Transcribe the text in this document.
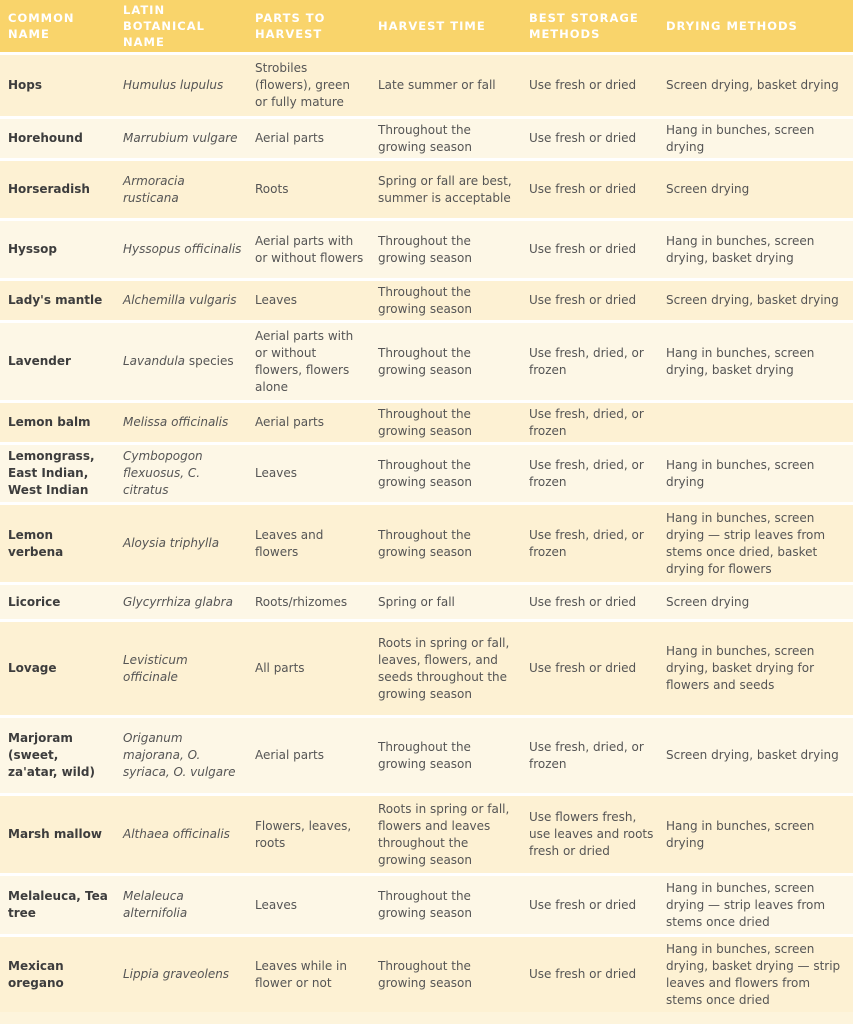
COMMON NAME	LATIN BOTANICAL NAME	PARTS TO HARVEST	HARVEST TIME	BEST STORAGE METHODS	DRYING METHODS
Hops	Humulus lupulus	Strobiles (flowers), green or fully mature	Late summer or fall	Use fresh or dried	Screen drying, basket drying
Horehound	Marrubium vulgare	Aerial parts	Throughout the growing season	Use fresh or dried	Hang in bunches, screen drying
Horseradish	Armoracia rusticana	Roots	Spring or fall are best, summer is acceptable	Use fresh or dried	Screen drying
Hyssop	Hyssopus officinalis	Aerial parts with or without flowers	Throughout the growing season	Use fresh or dried	Hang in bunches, screen drying, basket drying
Lady's mantle	Alchemilla vulgaris	Leaves	Throughout the growing season	Use fresh or dried	Screen drying, basket drying
Lavender	Lavandula species	Aerial parts with or without flowers, flowers alone	Throughout the growing season	Use fresh, dried, or frozen	Hang in bunches, screen drying, basket drying
Lemon balm	Melissa officinalis	Aerial parts	Throughout the growing season	Use fresh, dried, or frozen	
Lemongrass, East Indian, West Indian	Cymbopogon flexuosus, C. citratus	Leaves	Throughout the growing season	Use fresh, dried, or frozen	Hang in bunches, screen drying
Lemon verbena	Aloysia triphylla	Leaves and flowers	Throughout the growing season	Use fresh, dried, or frozen	Hang in bunches, screen drying — strip leaves from stems once dried, basket drying for flowers
Licorice	Glycyrrhiza glabra	Roots/rhizomes	Spring or fall	Use fresh or dried	Screen drying
Lovage	Levisticum officinale	All parts	Roots in spring or fall, leaves, flowers, and seeds throughout the growing season	Use fresh or dried	Hang in bunches, screen drying, basket drying for flowers and seeds
Marjoram (sweet, za'atar, wild)	Origanum majorana, O. syriaca, O. vulgare	Aerial parts	Throughout the growing season	Use fresh, dried, or frozen	Screen drying, basket drying
Marsh mallow	Althaea officinalis	Flowers, leaves, roots	Roots in spring or fall, flowers and leaves throughout the growing season	Use flowers fresh, use leaves and roots fresh or dried	Hang in bunches, screen drying
Melaleuca, Tea tree	Melaleuca alternifolia	Leaves	Throughout the growing season	Use fresh or dried	Hang in bunches, screen drying — strip leaves from stems once dried
Mexican oregano	Lippia graveolens	Leaves while in flower or not	Throughout the growing season	Use fresh or dried	Hang in bunches, screen drying, basket drying — strip leaves and flowers from stems once dried
